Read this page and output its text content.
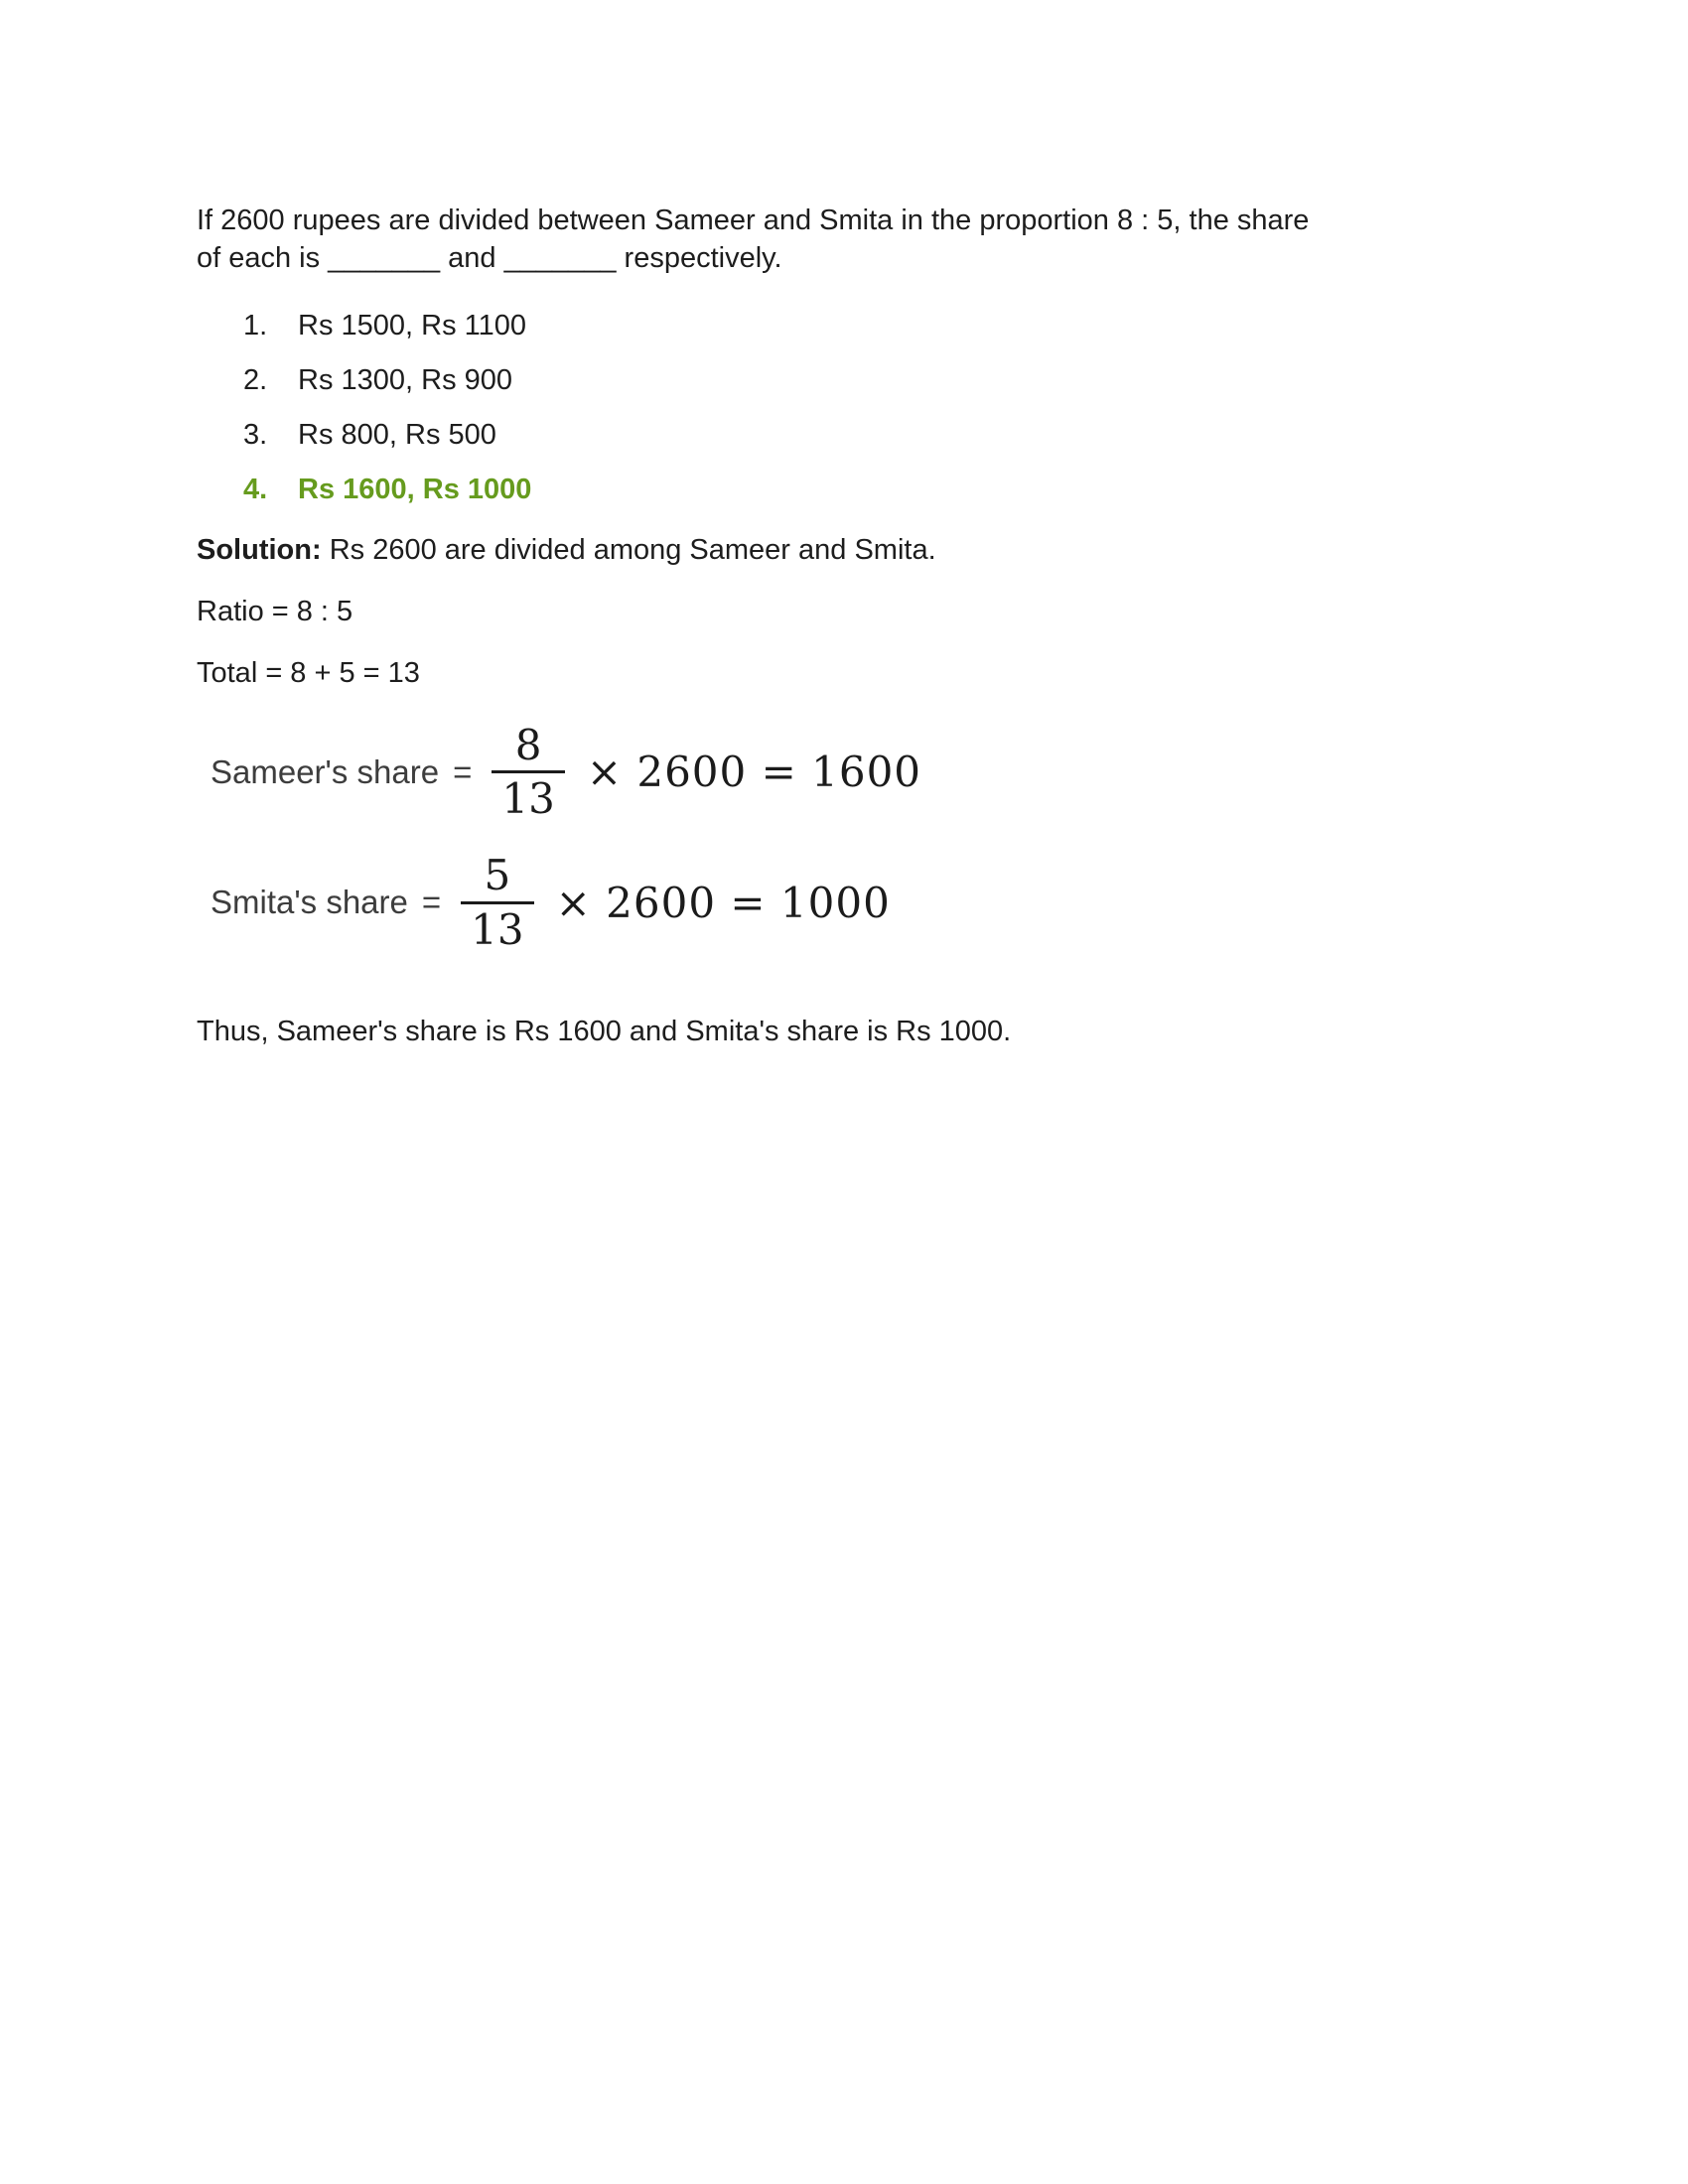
If 2600 rupees are divided between Sameer and Smita in the proportion 8 : 5, the share
of each is _______ and _______ respectively.
1.	Rs 1500, Rs 1100
2.	Rs 1300, Rs 900
3.	Rs 800, Rs 500
4.	Rs 1600, Rs 1000

Solution: Rs 2600 are divided among Sameer and Smita.

Ratio = 8 : 5

Total = 8 + 5 = 13

Sameer's share = $\frac{8}{13} \times 2600 = 1600$
Smita's share = $\frac{5}{13} \times 2600 = 1000$

Thus, Sameer's share is Rs 1600 and Smita's share is Rs 1000.
